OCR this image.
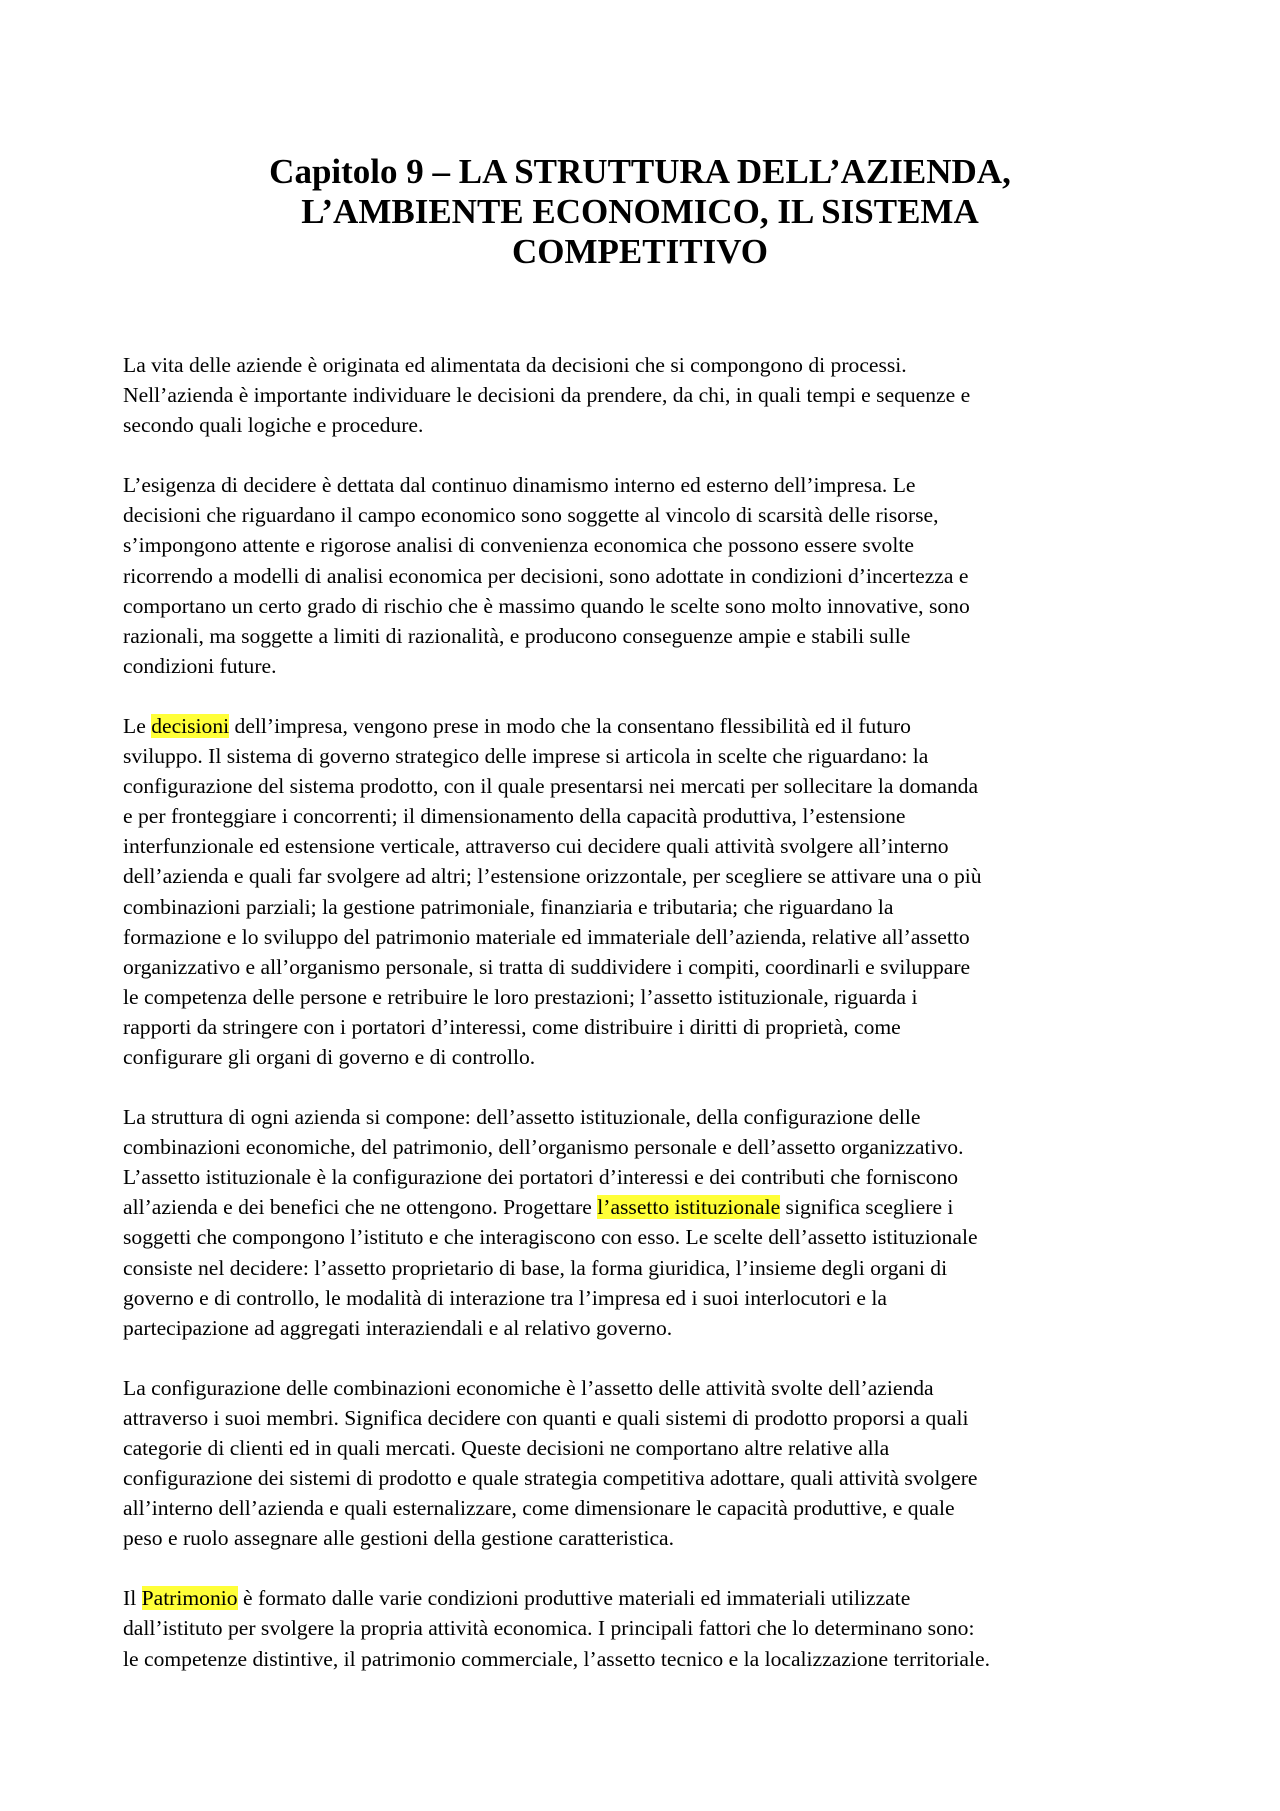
Capitolo 9 – LA STRUTTURA DELL’AZIENDA,
L’AMBIENTE ECONOMICO, IL SISTEMA
COMPETITIVO

La vita delle aziende è originata ed alimentata da decisioni che si compongono di processi.
Nell’azienda è importante individuare le decisioni da prendere, da chi, in quali tempi e sequenze e
secondo quali logiche e procedure.

L’esigenza di decidere è dettata dal continuo dinamismo interno ed esterno dell’impresa. Le
decisioni che riguardano il campo economico sono soggette al vincolo di scarsità delle risorse,
s’impongono attente e rigorose analisi di convenienza economica che possono essere svolte
ricorrendo a modelli di analisi economica per decisioni, sono adottate in condizioni d’incertezza e
comportano un certo grado di rischio che è massimo quando le scelte sono molto innovative, sono
razionali, ma soggette a limiti di razionalità, e producono conseguenze ampie e stabili sulle
condizioni future.

Le decisioni dell’impresa, vengono prese in modo che la consentano flessibilità ed il futuro
sviluppo. Il sistema di governo strategico delle imprese si articola in scelte che riguardano: la
configurazione del sistema prodotto, con il quale presentarsi nei mercati per sollecitare la domanda
e per fronteggiare i concorrenti; il dimensionamento della capacità produttiva, l’estensione
interfunzionale ed estensione verticale, attraverso cui decidere quali attività svolgere all’interno
dell’azienda e quali far svolgere ad altri; l’estensione orizzontale, per scegliere se attivare una o più
combinazioni parziali; la gestione patrimoniale, finanziaria e tributaria; che riguardano la
formazione e lo sviluppo del patrimonio materiale ed immateriale dell’azienda, relative all’assetto
organizzativo e all’organismo personale, si tratta di suddividere i compiti, coordinarli e sviluppare
le competenza delle persone e retribuire le loro prestazioni; l’assetto istituzionale, riguarda i
rapporti da stringere con i portatori d’interessi, come distribuire i diritti di proprietà, come
configurare gli organi di governo e di controllo.

La struttura di ogni azienda si compone: dell’assetto istituzionale, della configurazione delle
combinazioni economiche, del patrimonio, dell’organismo personale e dell’assetto organizzativo.
L’assetto istituzionale è la configurazione dei portatori d’interessi e dei contributi che forniscono
all’azienda e dei benefici che ne ottengono. Progettare l’assetto istituzionale significa scegliere i
soggetti che compongono l’istituto e che interagiscono con esso. Le scelte dell’assetto istituzionale
consiste nel decidere: l’assetto proprietario di base, la forma giuridica, l’insieme degli organi di
governo e di controllo, le modalità di interazione tra l’impresa ed i suoi interlocutori e la
partecipazione ad aggregati interaziendali e al relativo governo.

La configurazione delle combinazioni economiche è l’assetto delle attività svolte dell’azienda
attraverso i suoi membri. Significa decidere con quanti e quali sistemi di prodotto proporsi a quali
categorie di clienti ed in quali mercati. Queste decisioni ne comportano altre relative alla
configurazione dei sistemi di prodotto e quale strategia competitiva adottare, quali attività svolgere
all’interno dell’azienda e quali esternalizzare, come dimensionare le capacità produttive, e quale
peso e ruolo assegnare alle gestioni della gestione caratteristica.

Il Patrimonio è formato dalle varie condizioni produttive materiali ed immateriali utilizzate
dall’istituto per svolgere la propria attività economica. I principali fattori che lo determinano sono:
le competenze distintive, il patrimonio commerciale, l’assetto tecnico e la localizzazione territoriale.
